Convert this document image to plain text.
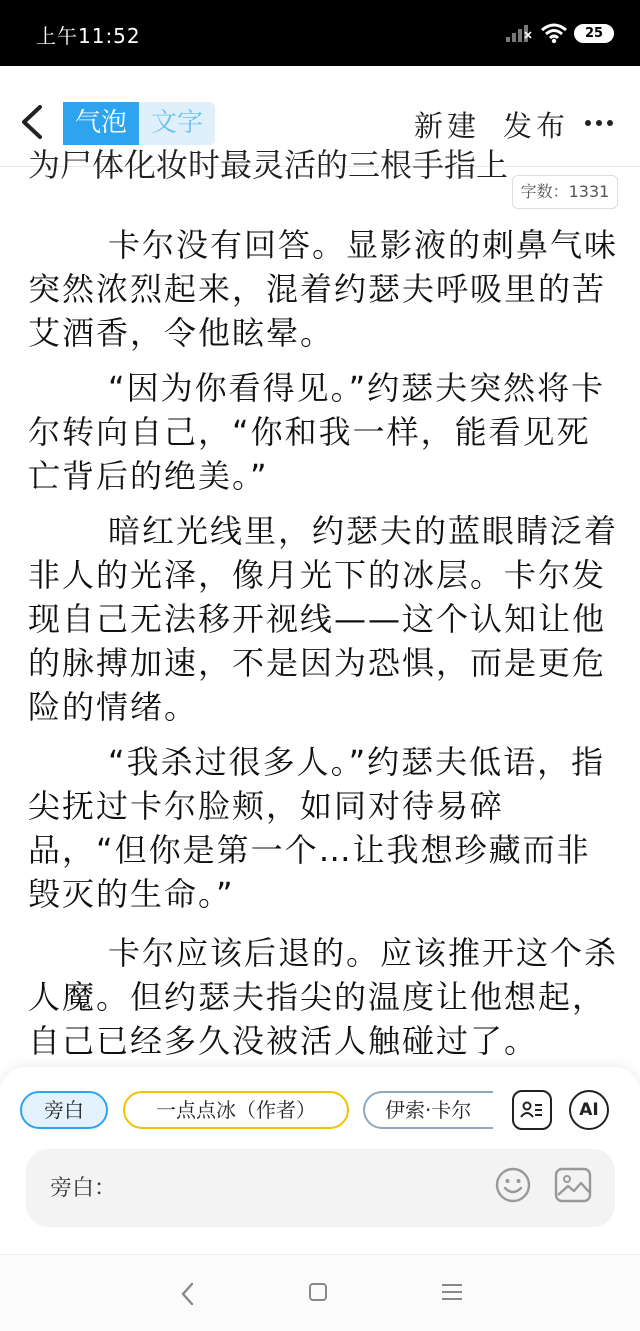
上午11:52	25
气泡 文字	新建 发布
为尸体化妆时最灵活的三根手指上
字数：1331
卡尔没有回答。显影液的刺鼻气味突然浓烈起来，混着约瑟夫呼吸里的苦艾酒香，令他眩晕。
“因为你看得见。”约瑟夫突然将卡尔转向自己，“你和我一样，能看见死亡背后的绝美。”
暗红光线里，约瑟夫的蓝眼睛泛着非人的光泽，像月光下的冰层。卡尔发现自己无法移开视线——这个认知让他的脉搏加速，不是因为恐惧，而是更危险的情绪。
“我杀过很多人。”约瑟夫低语，指尖抚过卡尔脸颊，如同对待易碎品，“但你是第一个…让我想珍藏而非毁灭的生命。”
卡尔应该后退的。应该推开这个杀人魔。但约瑟夫指尖的温度让他想起，自己已经多久没被活人触碰过了。
旁白	一点点冰（作者）	伊索·卡尔	AI
旁白：
